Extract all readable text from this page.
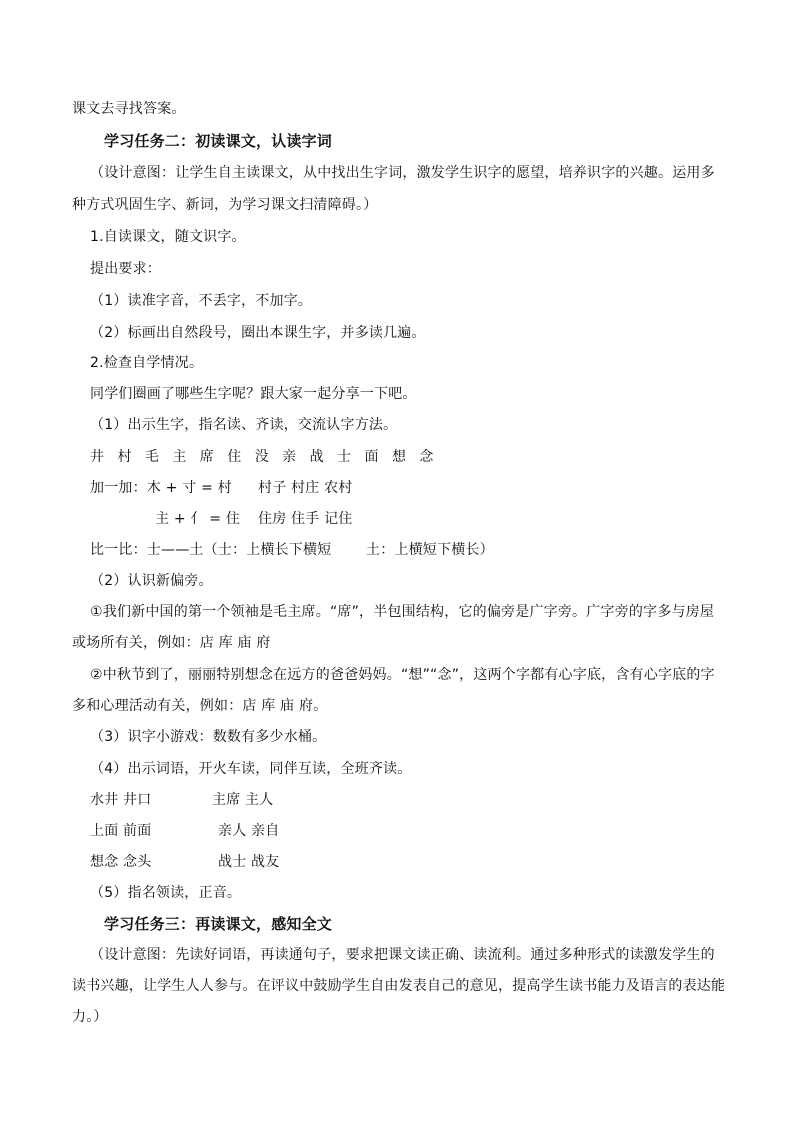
课文去寻找答案。
学习任务二：初读课文，认读字词
（设计意图：让学生自主读课文，从中找出生字词，激发学生识字的愿望，培养识字的兴趣。运用多
种方式巩固生字、新词，为学习课文扫清障碍。）
1.自读课文，随文识字。
提出要求：
（1）读准字音，不丢字，不加字。
（2）标画出自然段号，圈出本课生字，并多读几遍。
2.检查自学情况。
同学们圈画了哪些生字呢？跟大家一起分享一下吧。
（1）出示生字，指名读、齐读，交流认字方法。
井 村 毛 主 席 住 没 亲 战 士 面 想 念
加一加：木 + 寸 = 村 村子 村庄 农村
主 + 亻 = 住 住房 住手 记住
比一比：士——土（士：上横长下横短 土：上横短下横长）
（2）认识新偏旁。
①我们新中国的第一个领袖是毛主席。“席”，半包围结构，它的偏旁是广字旁。广字旁的字多与房屋
或场所有关，例如：店 库 庙 府
②中秋节到了，丽丽特别想念在远方的爸爸妈妈。“想”“念”，这两个字都有心字底，含有心字底的字
多和心理活动有关，例如：店 库 庙 府。
（3）识字小游戏：数数有多少水桶。
（4）出示词语，开火车读，同伴互读，全班齐读。
水井 井口	主席 主人
上面 前面	亲人 亲自
想念 念头	战士 战友
（5）指名领读，正音。
学习任务三：再读课文，感知全文
（设计意图：先读好词语，再读通句子，要求把课文读正确、读流利。通过多种形式的读激发学生的
读书兴趣，让学生人人参与。在评议中鼓励学生自由发表自己的意见，提高学生读书能力及语言的表达能
力。）
